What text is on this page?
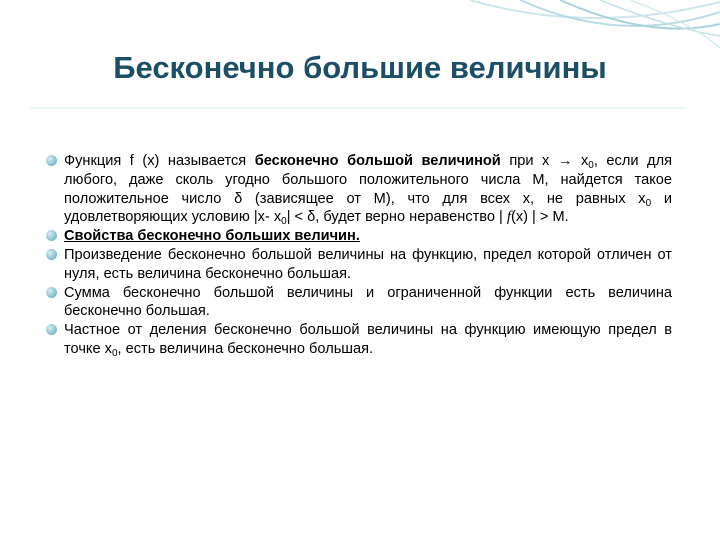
Бесконечно большие величины
Функция f (x) называется бесконечно большой величиной при $x \to x_0$, если для любого, даже сколь угодно большого положительного числа M, найдется такое положительное число δ (зависящее от M), что для всех x, не равных $x_0$ и удовлетворяющих условию |x- $x_0| < \delta$, будет верно неравенство | f(x) | > M.
Свойства бесконечно больших величин.
Произведение бесконечно большой величины на функцию, предел которой отличен от нуля, есть величина бесконечно большая.
Сумма бесконечно большой величины и ограниченной функции есть величина бесконечно большая.
Частное от деления бесконечно большой величины на функцию имеющую предел в точке $x_0$, есть величина бесконечно большая.
